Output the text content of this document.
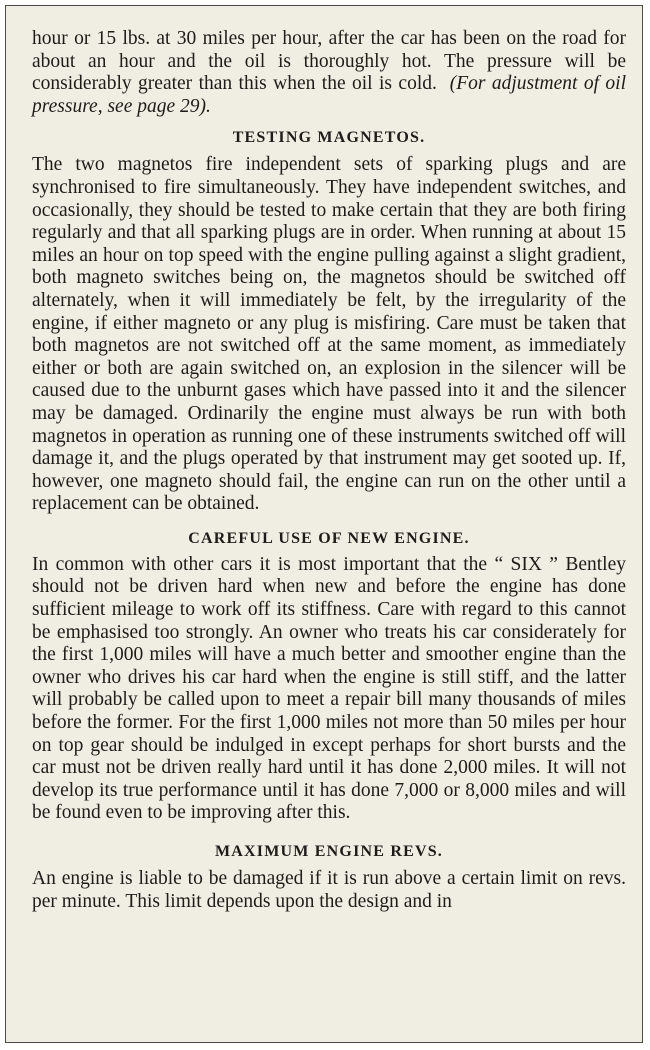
hour or 15 lbs. at 30 miles per hour, after the car has been on the road for about an hour and the oil is thoroughly hot. The pressure will be considerably greater than this when the oil is cold. (For adjustment of oil pressure, see page 29).

TESTING MAGNETOS.

The two magnetos fire independent sets of sparking plugs and are synchronised to fire simultaneously. They have independent switches, and occasionally, they should be tested to make certain that they are both firing regularly and that all sparking plugs are in order. When running at about 15 miles an hour on top speed with the engine pulling against a slight gradient, both magneto switches being on, the magnetos should be switched off alternately, when it will immediately be felt, by the irregularity of the engine, if either magneto or any plug is misfiring. Care must be taken that both magnetos are not switched off at the same moment, as immediately either or both are again switched on, an explosion in the silencer will be caused due to the unburnt gases which have passed into it and the silencer may be damaged. Ordinarily the engine must always be run with both magnetos in operation as running one of these instruments switched off will damage it, and the plugs operated by that instrument may get sooted up. If, however, one magneto should fail, the engine can run on the other until a replacement can be obtained.

CAREFUL USE OF NEW ENGINE.

In common with other cars it is most important that the “ SIX ” Bentley should not be driven hard when new and before the engine has done sufficient mileage to work off its stiffness. Care with regard to this cannot be emphasised too strongly. An owner who treats his car considerately for the first 1,000 miles will have a much better and smoother engine than the owner who drives his car hard when the engine is still stiff, and the latter will probably be called upon to meet a repair bill many thousands of miles before the former. For the first 1,000 miles not more than 50 miles per hour on top gear should be indulged in except perhaps for short bursts and the car must not be driven really hard until it has done 2,000 miles. It will not develop its true performance until it has done 7,000 or 8,000 miles and will be found even to be improving after this.

MAXIMUM ENGINE REVS.

An engine is liable to be damaged if it is run above a certain limit on revs. per minute. This limit depends upon the design and in
